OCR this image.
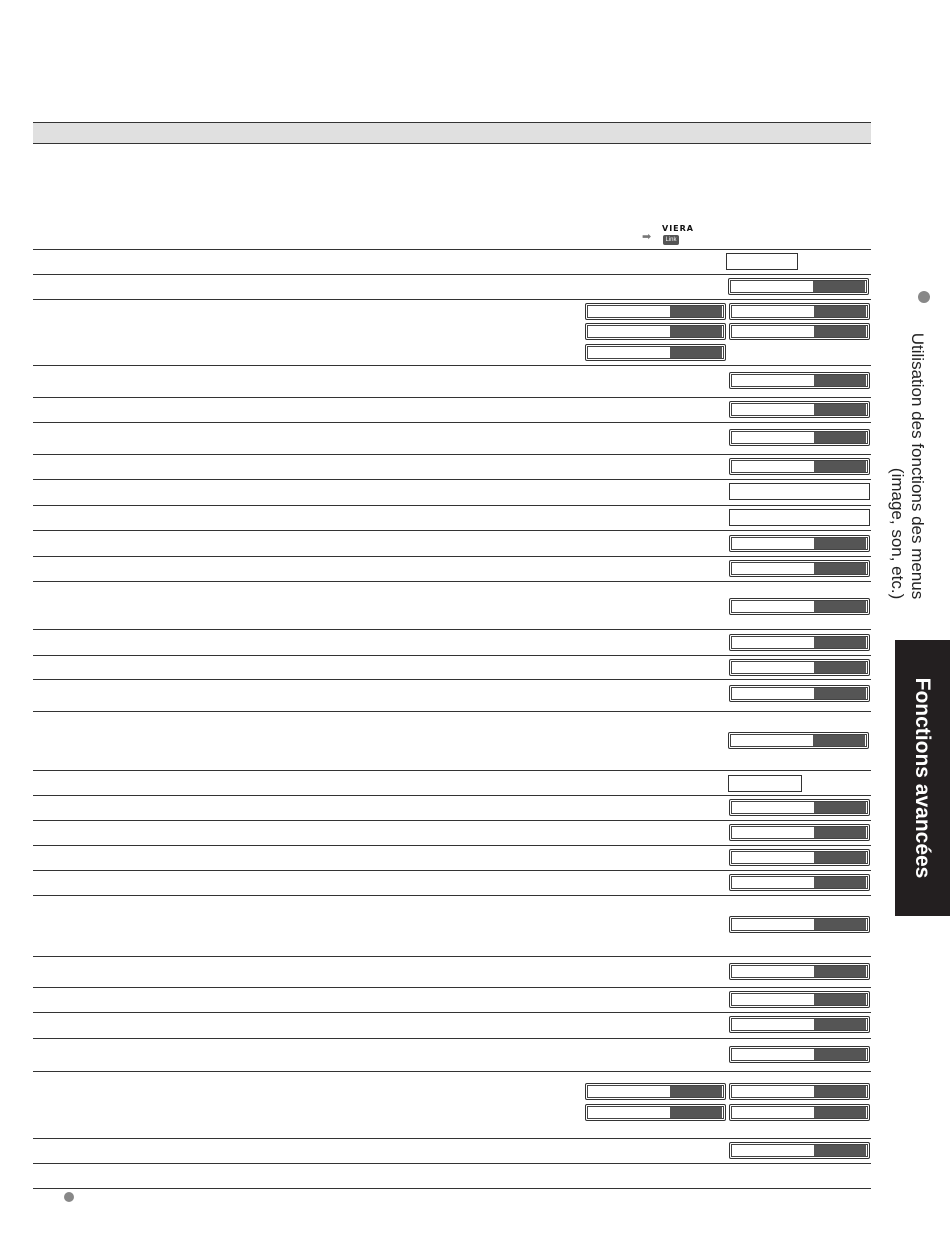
➡
VIERA
Link
Utilisation des fonctions des menus
(image, son, etc.)
Fonctions avancées
